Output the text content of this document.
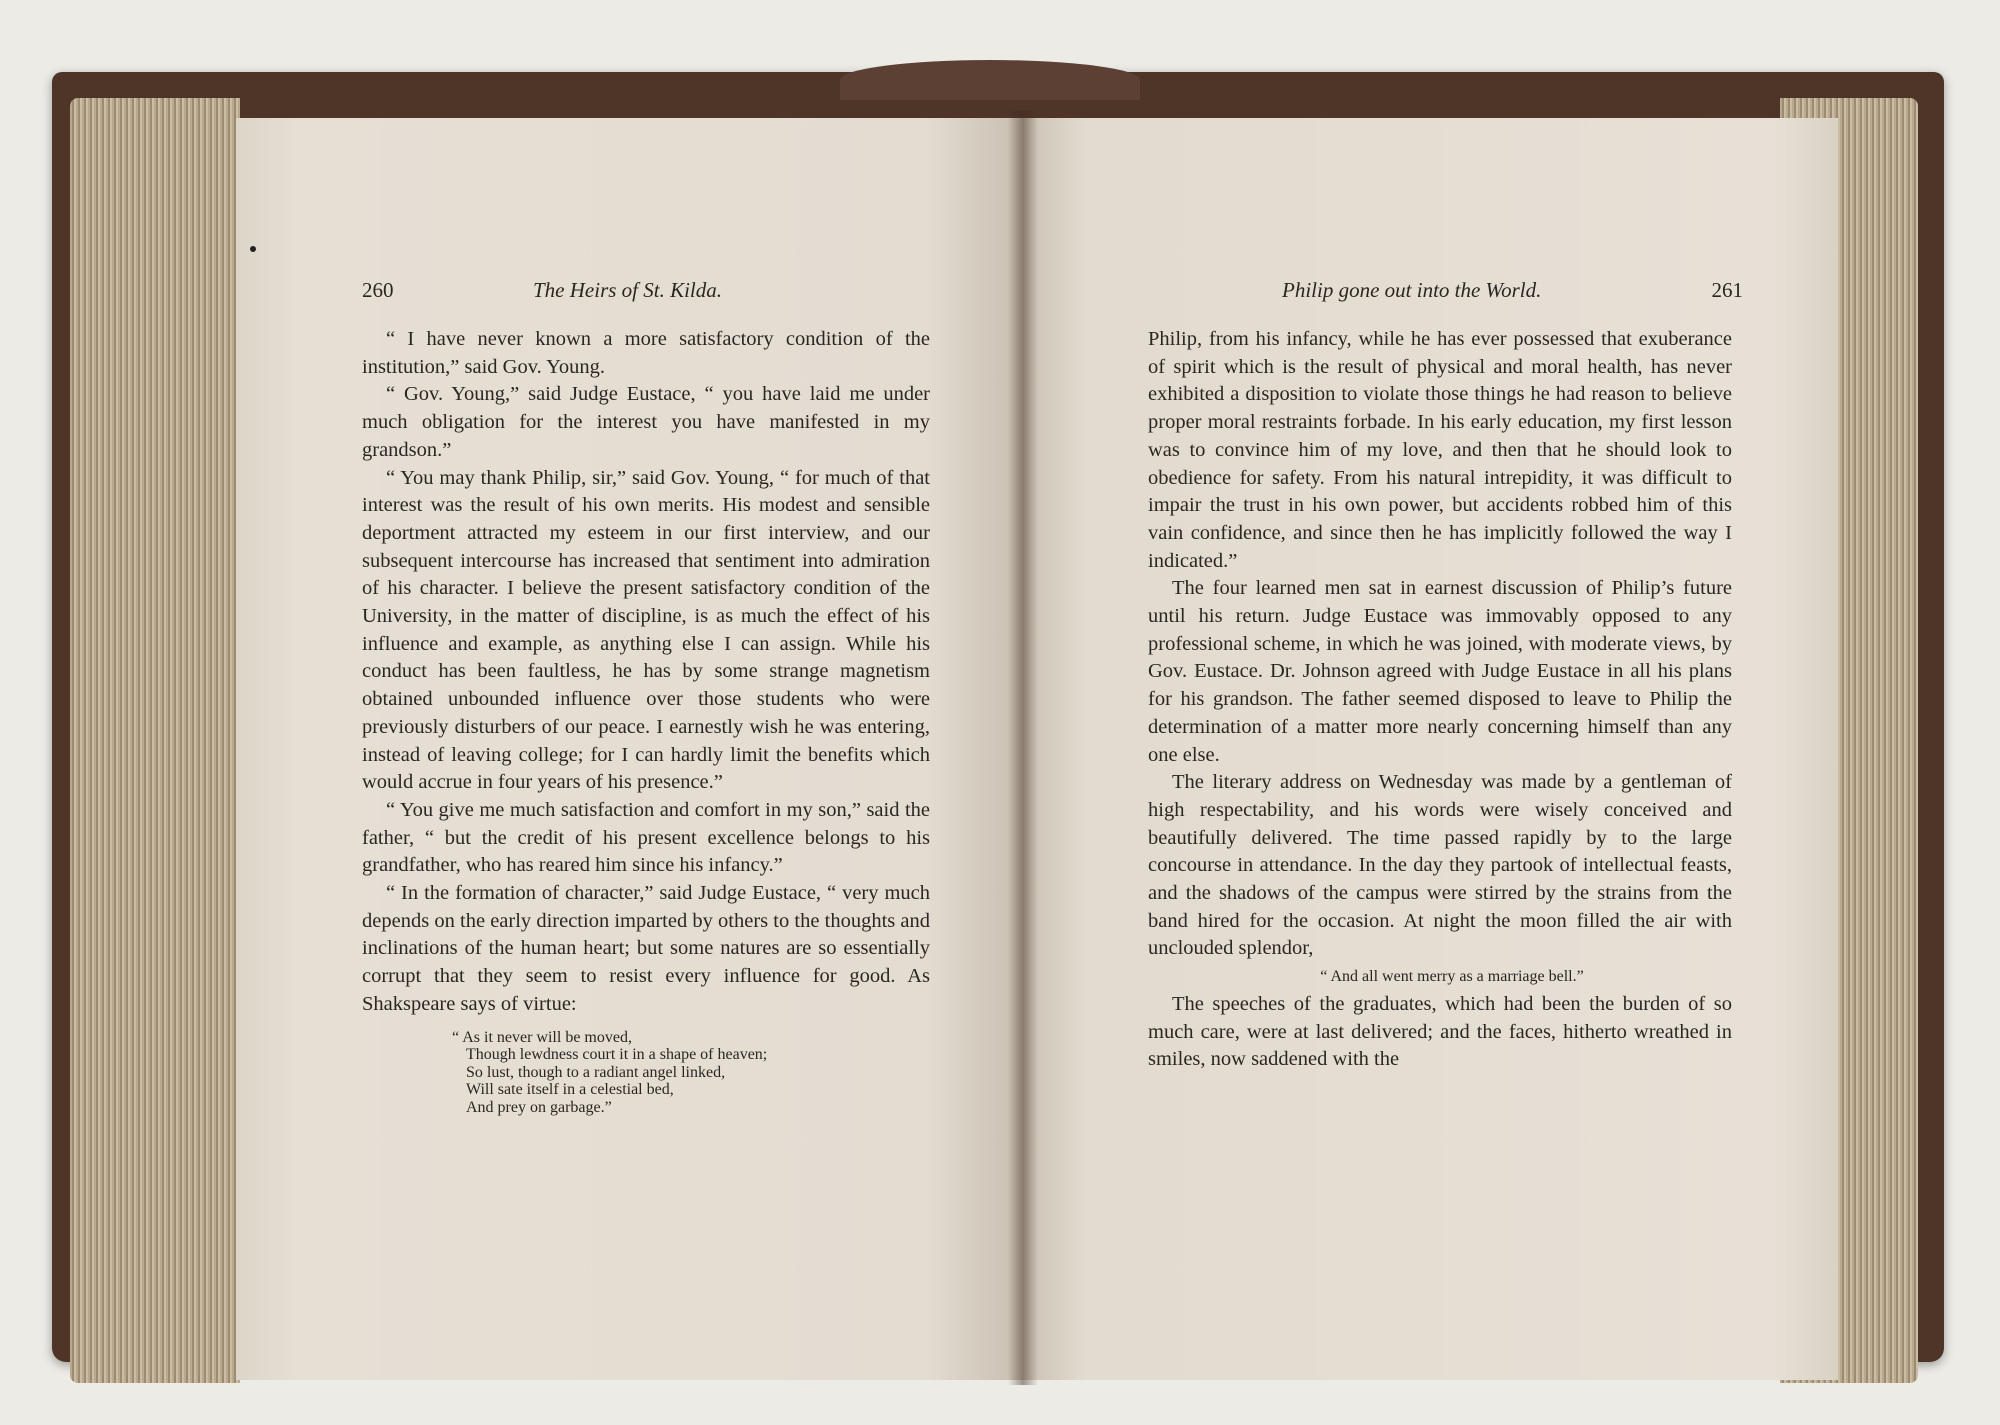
260	The Heirs of St. Kilda.

“ I have never known a more satisfactory condition of the institution,” said Gov. Young.

“ Gov. Young,” said Judge Eustace, “ you have laid me under much obligation for the interest you have manifested in my grandson.”

“ You may thank Philip, sir,” said Gov. Young, “ for much of that interest was the result of his own merits. His modest and sensible deportment attracted my esteem in our first interview, and our subsequent intercourse has increased that sentiment into admiration of his character. I believe the present satisfactory condition of the University, in the matter of discipline, is as much the effect of his influence and example, as anything else I can assign. While his conduct has been faultless, he has by some strange magnetism obtained unbounded influence over those students who were previously disturbers of our peace. I earnestly wish he was entering, instead of leaving college; for I can hardly limit the benefits which would accrue in four years of his presence.”

“ You give me much satisfaction and comfort in my son,” said the father, “ but the credit of his present excellence belongs to his grandfather, who has reared him since his infancy.”

“ In the formation of character,” said Judge Eustace, “ very much depends on the early direction imparted by others to the thoughts and inclinations of the human heart; but some natures are so essentially corrupt that they seem to resist every influence for good. As Shakspeare says of virtue:

“ As it never will be moved,
Though lewdness court it in a shape of heaven;
So lust, though to a radiant angel linked,
Will sate itself in a celestial bed,
And prey on garbage.”
Philip gone out into the World.	261

Philip, from his infancy, while he has ever possessed that exuberance of spirit which is the result of physical and moral health, has never exhibited a disposition to violate those things he had reason to believe proper moral restraints forbade. In his early education, my first lesson was to convince him of my love, and then that he should look to obedience for safety. From his natural intrepidity, it was difficult to impair the trust in his own power, but accidents robbed him of this vain confidence, and since then he has implicitly followed the way I indicated.”

The four learned men sat in earnest discussion of Philip’s future until his return. Judge Eustace was immovably opposed to any professional scheme, in which he was joined, with moderate views, by Gov. Eustace. Dr. Johnson agreed with Judge Eustace in all his plans for his grandson. The father seemed disposed to leave to Philip the determination of a matter more nearly concerning himself than any one else.

The literary address on Wednesday was made by a gentleman of high respectability, and his words were wisely conceived and beautifully delivered. The time passed rapidly by to the large concourse in attendance. In the day they partook of intellectual feasts, and the shadows of the campus were stirred by the strains from the band hired for the occasion. At night the moon filled the air with unclouded splendor,

“ And all went merry as a marriage bell.”

The speeches of the graduates, which had been the burden of so much care, were at last delivered; and the faces, hitherto wreathed in smiles, now saddened with the
